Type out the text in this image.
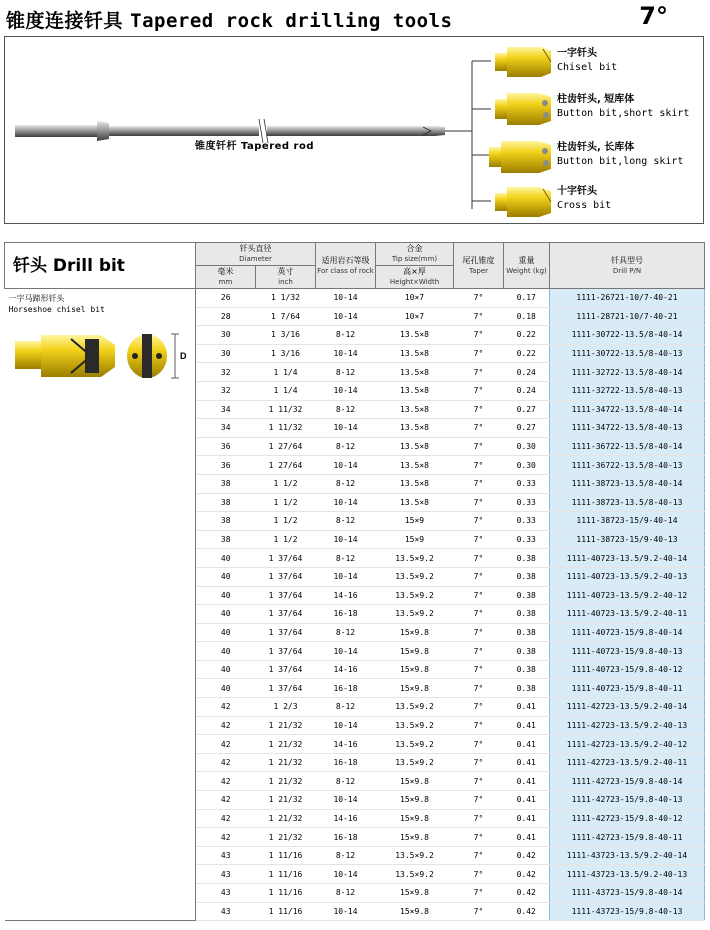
锥度连接钎具 Tapered rock drilling tools	7°
锥度钎杆 Tapered rod
一字钎头
Chisel bit
柱齿钎头, 短库体
Button bit,short skirt
柱齿钎头, 长库体
Button bit,long skirt
十字钎头
Cross bit
钎头 Drill bit	钎头直径
Diameter		适用岩石等级
For class of rock	合金
Tip size(mm)	尾孔锥度
Taper	重量
Weight (kg)	钎具型号
Drill P/N

	毫米
mm	英寸
inch		高×厚
Height×Width			

一字马蹄形钎头
Horseshoe chisel bit
D	26	1 1/32	10-14	10×7	7°	0.17	1111-26721-10/7-40-21
	28	1 7/64	10-14	10×7	7°	0.18	1111-28721-10/7-40-21
	30	1 3/16	8-12	13.5×8	7°	0.22	1111-30722-13.5/8-40-14
	30	1 3/16	10-14	13.5×8	7°	0.22	1111-30722-13.5/8-40-13
	32	1 1/4	8-12	13.5×8	7°	0.24	1111-32722-13.5/8-40-14
	32	1 1/4	10-14	13.5×8	7°	0.24	1111-32722-13.5/8-40-13
	34	1 11/32	8-12	13.5×8	7°	0.27	1111-34722-13.5/8-40-14
	34	1 11/32	10-14	13.5×8	7°	0.27	1111-34722-13.5/8-40-13
	36	1 27/64	8-12	13.5×8	7°	0.30	1111-36722-13.5/8-40-14
	36	1 27/64	10-14	13.5×8	7°	0.30	1111-36722-13.5/8-40-13
	38	1 1/2	8-12	13.5×8	7°	0.33	1111-38723-13.5/8-40-14
	38	1 1/2	10-14	13.5×8	7°	0.33	1111-38723-13.5/8-40-13
	38	1 1/2	8-12	15×9	7°	0.33	1111-38723-15/9-40-14
	38	1 1/2	10-14	15×9	7°	0.33	1111-38723-15/9-40-13
	40	1 37/64	8-12	13.5×9.2	7°	0.38	1111-40723-13.5/9.2-40-14
	40	1 37/64	10-14	13.5×9.2	7°	0.38	1111-40723-13.5/9.2-40-13
	40	1 37/64	14-16	13.5×9.2	7°	0.38	1111-40723-13.5/9.2-40-12
	40	1 37/64	16-18	13.5×9.2	7°	0.38	1111-40723-13.5/9.2-40-11
	40	1 37/64	8-12	15×9.8	7°	0.38	1111-40723-15/9.8-40-14
	40	1 37/64	10-14	15×9.8	7°	0.38	1111-40723-15/9.8-40-13
	40	1 37/64	14-16	15×9.8	7°	0.38	1111-40723-15/9.8-40-12
	40	1 37/64	16-18	15×9.8	7°	0.38	1111-40723-15/9.8-40-11
	42	1 2/3	8-12	13.5×9.2	7°	0.41	1111-42723-13.5/9.2-40-14
	42	1 21/32	10-14	13.5×9.2	7°	0.41	1111-42723-13.5/9.2-40-13
	42	1 21/32	14-16	13.5×9.2	7°	0.41	1111-42723-13.5/9.2-40-12
	42	1 21/32	16-18	13.5×9.2	7°	0.41	1111-42723-13.5/9.2-40-11
	42	1 21/32	8-12	15×9.8	7°	0.41	1111-42723-15/9.8-40-14
	42	1 21/32	10-14	15×9.8	7°	0.41	1111-42723-15/9.8-40-13
	42	1 21/32	14-16	15×9.8	7°	0.41	1111-42723-15/9.8-40-12
	42	1 21/32	16-18	15×9.8	7°	0.41	1111-42723-15/9.8-40-11
	43	1 11/16	8-12	13.5×9.2	7°	0.42	1111-43723-13.5/9.2-40-14
	43	1 11/16	10-14	13.5×9.2	7°	0.42	1111-43723-13.5/9.2-40-13
	43	1 11/16	8-12	15×9.8	7°	0.42	1111-43723-15/9.8-40-14
	43	1 11/16	10-14	15×9.8	7°	0.42	1111-43723-15/9.8-40-13
